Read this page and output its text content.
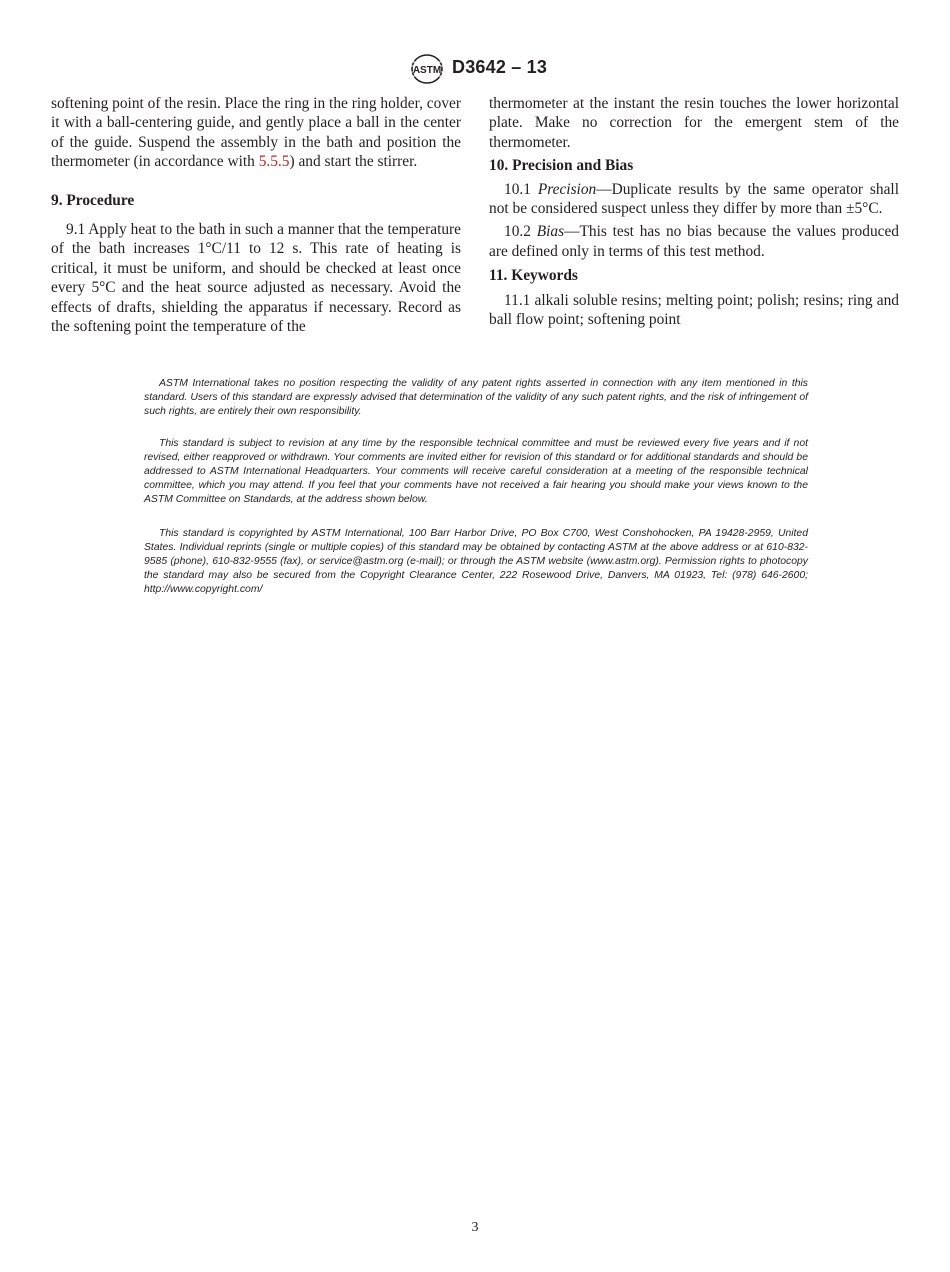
ASTM D3642 – 13

softening point of the resin. Place the ring in the ring holder, cover it with a ball-centering guide, and gently place a ball in the center of the guide. Suspend the assembly in the bath and position the thermometer (in accordance with 5.5.5) and start the stirrer.

9. Procedure

9.1 Apply heat to the bath in such a manner that the temperature of the bath increases 1°C/11 to 12 s. This rate of heating is critical, it must be uniform, and should be checked at least once every 5°C and the heat source adjusted as necessary. Avoid the effects of drafts, shielding the apparatus if necessary. Record as the softening point the temperature of the

thermometer at the instant the resin touches the lower horizontal plate. Make no correction for the emergent stem of the thermometer.

10. Precision and Bias

10.1 Precision—Duplicate results by the same operator shall not be considered suspect unless they differ by more than ±5°C.

10.2 Bias—This test has no bias because the values produced are defined only in terms of this test method.

11. Keywords

11.1 alkali soluble resins; melting point; polish; resins; ring and ball flow point; softening point

ASTM International takes no position respecting the validity of any patent rights asserted in connection with any item mentioned in this standard. Users of this standard are expressly advised that determination of the validity of any such patent rights, and the risk of infringement of such rights, are entirely their own responsibility.

This standard is subject to revision at any time by the responsible technical committee and must be reviewed every five years and if not revised, either reapproved or withdrawn. Your comments are invited either for revision of this standard or for additional standards and should be addressed to ASTM International Headquarters. Your comments will receive careful consideration at a meeting of the responsible technical committee, which you may attend. If you feel that your comments have not received a fair hearing you should make your views known to the ASTM Committee on Standards, at the address shown below.

This standard is copyrighted by ASTM International, 100 Barr Harbor Drive, PO Box C700, West Conshohocken, PA 19428-2959, United States. Individual reprints (single or multiple copies) of this standard may be obtained by contacting ASTM at the above address or at 610-832-9585 (phone), 610-832-9555 (fax), or service@astm.org (e-mail); or through the ASTM website (www.astm.org). Permission rights to photocopy the standard may also be secured from the Copyright Clearance Center, 222 Rosewood Drive, Danvers, MA 01923, Tel: (978) 646-2600; http://www.copyright.com/

3
